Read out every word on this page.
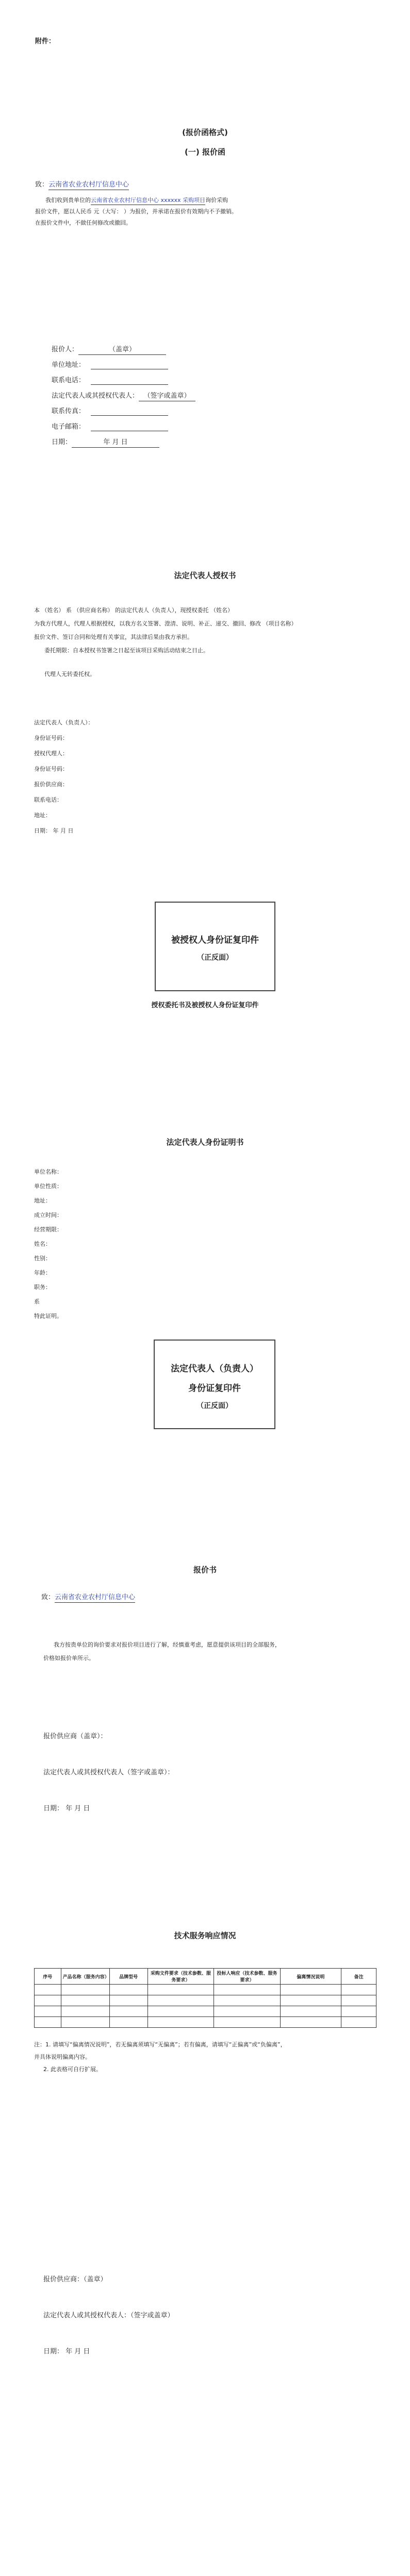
附件：
(报价函格式)
(一) 报价函
致：云南省农业农村厅信息中心
我们收到贵单位的云南省农业农村厅信息中心 xxxxxx 采购项目询价采购
报价文件，愿以人民币 元（大写： ）为报价，并承诺在报价有效期内不予撤销。
在报价文件中，不做任何修改或撤回。
报价人：	（盖章）
单位地址：
联系电话：
法定代表人或其授权代表人： （签字或盖章）
联系传真：
电子邮箱：
日期：	年 月 日
法定代表人授权书
本 （姓名） 系 （供应商名称） 的法定代表人（负责人），现授权委托 （姓名）
为我方代理人，代理人根据授权，以我方名义签署、澄清、说明、补正、递交、撤回、修改 （项目名称）
报价文件、签订合同和处理有关事宜，其法律后果由我方承担。
委托期限：自本授权书签署之日起至该项目采购活动结束之日止。
代理人无转委托权。
法定代表人（负责人）：
身份证号码：
授权代理人：
身份证号码：
报价供应商：
联系电话：
地址：
日期： 年 月 日
被授权人身份证复印件
（正反面）
授权委托书及被授权人身份证复印件
法定代表人身份证明书
单位名称：
单位性质：
地址：
成立时间：
经营期限：
姓名：
性别：
年龄：
职务：
系
特此证明。
法定代表人（负责人）
身份证复印件
（正反面）
报价书
致：云南省农业农村厅信息中心
我方按贵单位的询价要求对报价项目进行了解，经慎重考虑，愿意提供该项目的全部服务，
价格如报价单所示。
报价供应商（盖章）：
法定代表人或其授权代表人（签字或盖章）：
日期： 年 月 日
技术服务响应情况
序号	产品名称（服务内容）	品牌型号	采购文件要求（技术参数、服务要求）	投标人响应（技术参数、服务要求）	偏离情况说明	备注

注：1. 请填写“偏离情况说明”，若无偏离须填写“无偏离”；若有偏离，请填写“正偏离”或“负偏离”，
并具体说明偏离内容。
2. 此表格可自行扩展。
报价供应商：（盖章）
法定代表人或其授权代表人：（签字或盖章）
日期： 年 月 日
